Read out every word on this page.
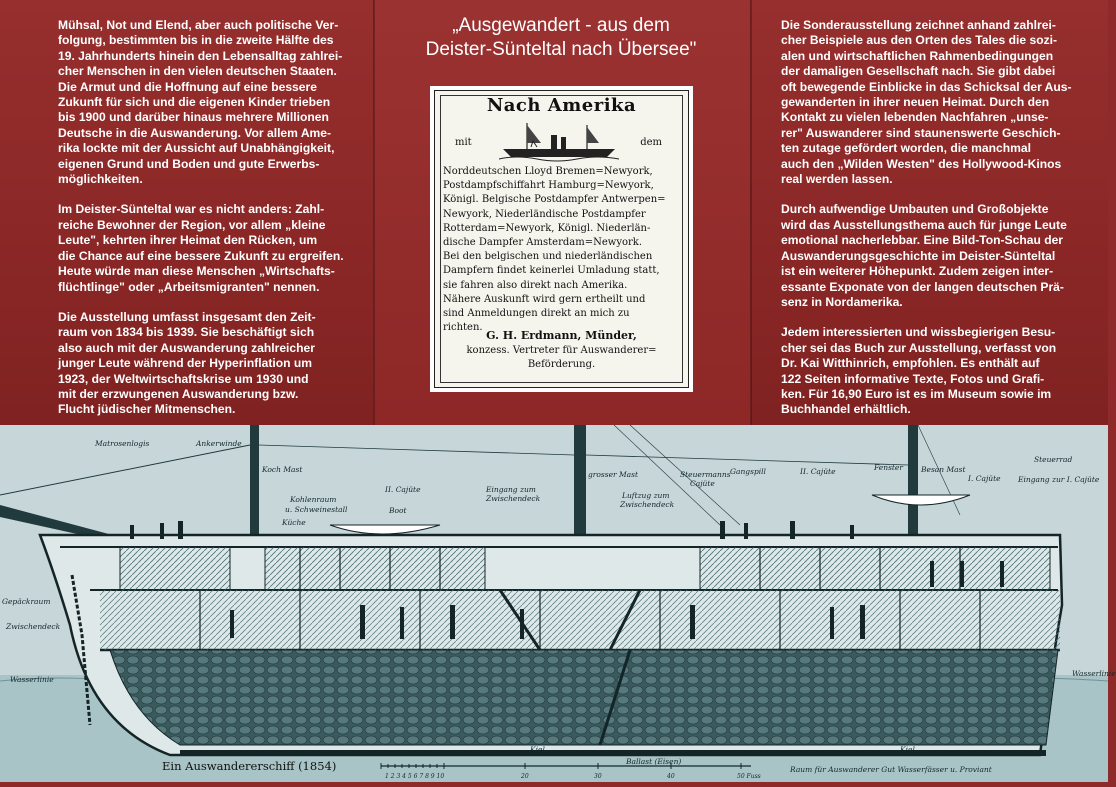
Mühsal, Not und Elend, aber auch politische Ver-
folgung, bestimmten bis in die zweite Hälfte des
19. Jahrhunderts hinein den Lebensalltag zahlrei-
cher Menschen in den vielen deutschen Staaten.
Die Armut und die Hoffnung auf eine bessere
Zukunft für sich und die eigenen Kinder trieben
bis 1900 und darüber hinaus mehrere Millionen
Deutsche in die Auswanderung. Vor allem Ame-
rika lockte mit der Aussicht auf Unabhängigkeit,
eigenen Grund und Boden und gute Erwerbs-
möglichkeiten.

Im Deister-Süntеltal war es nicht anders: Zahl-
reiche Bewohner der Region, vor allem „kleine
Leute", kehrten ihrer Heimat den Rücken, um
die Chance auf eine bessere Zukunft zu ergreifen.
Heute würde man diese Menschen „Wirtschafts-
flüchtlinge" oder „Arbeitsmigranten" nennen.

Die Ausstellung umfasst insgesamt den Zeit-
raum von 1834 bis 1939. Sie beschäftigt sich
also auch mit der Auswanderung zahlreicher
junger Leute während der Hyperinflation um
1923, der Weltwirtschaftskrise um 1930 und
mit der erzwungenen Auswanderung bzw.
Flucht jüdischer Mitmenschen.

„Ausgewandert - aus dem
Deister-Süntеltal nach Übersee"
Nach Amerika
mit	dem
Norddeutschen Lloyd Bremen=Newyork,
Postdampfschiffahrt Hamburg=Newyork,
Königl. Belgische Postdampfer Antwerpen=
Newyork, Niederländische Postdampfer
Rotterdam=Newyork, Königl. Niederlän-
dische Dampfer Amsterdam=Newyork.
Bei den belgischen und niederländischen
Dampfern findet keinerlei Umladung statt,
sie fahren also direkt nach Amerika.
Nähere Auskunft wird gern ertheilt und
sind Anmeldungen direkt an mich zu
richten.
G. H. Erdmann, Münder,
konzess. Vertreter für Auswanderer=
Beförderung.

Die Sonderausstellung zeichnet anhand zahlrei-
cher Beispiele aus den Orten des Tales die sozi-
alen und wirtschaftlichen Rahmenbedingungen
der damaligen Gesellschaft nach. Sie gibt dabei
oft bewegende Einblicke in das Schicksal der Aus-
gewanderten in ihrer neuen Heimat. Durch den
Kontakt zu vielen lebenden Nachfahren „unse-
rer" Auswanderer sind staunenswerte Geschich-
ten zutage gefördert worden, die manchmal
auch den „Wilden Westen" des Hollywood-Kinos
real werden lassen.

Durch aufwendige Umbauten und Großobjekte
wird das Ausstellungsthema auch für junge Leute
emotional nacherlebbar. Eine Bild-Ton-Schau der
Auswanderungsgeschichte im Deister-Süntеltal
ist ein weiterer Höhepunkt. Zudem zeigen inter-
essante Exponate von der langen deutschen Prä-
senz in Nordamerika.

Jedem interessierten und wissbegierigen Besu-
cher sei das Buch zur Ausstellung, verfasst von
Dr. Kai Witthinrich, empfohlen. Es enthält auf
122 Seiten informative Texte, Fotos und Grafi-
ken. Für 16,90 Euro ist es im Museum sowie im
Buchhandel erhältlich.

Matrosenlogis	Ankerwinde
Koch Mast
Kohlenraum
u. Schweinestall
Küche
Boot
II. Cajüte	Eingang zum
Zwischendeck
grosser Mast
Luftzug zum
Zwischendeck
Steuermanns
Cajüte
Gangspill	II. Cajüte	Fenster Besan Mast
I. Cajüte
Steuerrad
Eingang zur I. Cajüte
Gepäckraum
Zwischendeck
Wasserlinie
Wasserlinie
Kiel
Ballast (Eisen)
Kiel
Raum für Auswanderer Gut Wasserfässer u. Proviant
1 2 3 4 5 6 7 8 9 10	20	30	40	50 Fuss
Ein Auswandererschiff (1854)
